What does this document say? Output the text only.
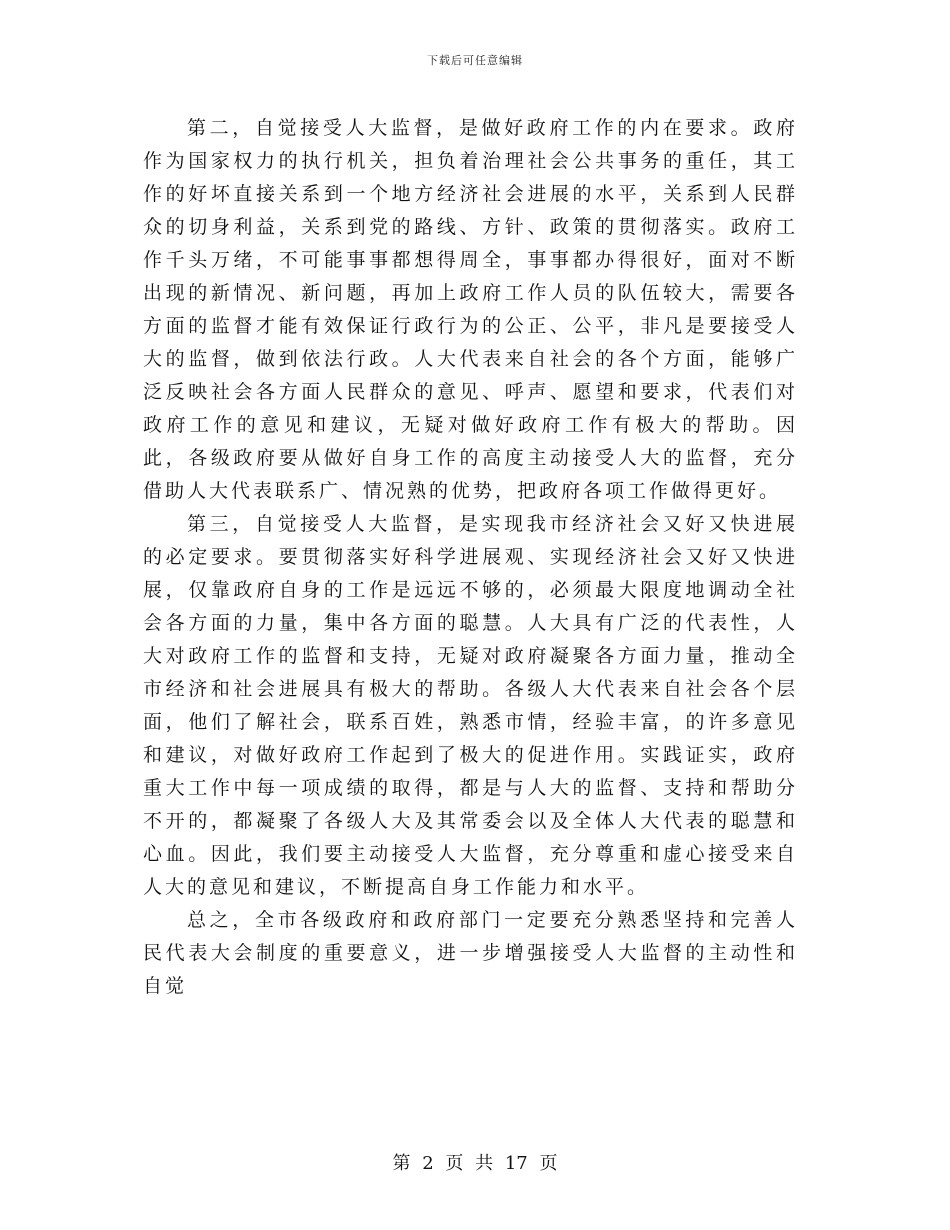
下载后可任意编辑

第二，自觉接受人大监督，是做好政府工作的内在要求。政府作为国家权力的执行机关，担负着治理社会公共事务的重任，其工作的好坏直接关系到一个地方经济社会进展的水平，关系到人民群众的切身利益，关系到党的路线、方针、政策的贯彻落实。政府工作千头万绪，不可能事事都想得周全，事事都办得很好，面对不断出现的新情况、新问题，再加上政府工作人员的队伍较大，需要各方面的监督才能有效保证行政行为的公正、公平，非凡是要接受人大的监督，做到依法行政。人大代表来自社会的各个方面，能够广泛反映社会各方面人民群众的意见、呼声、愿望和要求，代表们对政府工作的意见和建议，无疑对做好政府工作有极大的帮助。因此，各级政府要从做好自身工作的高度主动接受人大的监督，充分借助人大代表联系广、情况熟的优势，把政府各项工作做得更好。

第三，自觉接受人大监督，是实现我市经济社会又好又快进展的必定要求。要贯彻落实好科学进展观、实现经济社会又好又快进展，仅靠政府自身的工作是远远不够的，必须最大限度地调动全社会各方面的力量，集中各方面的聪慧。人大具有广泛的代表性，人大对政府工作的监督和支持，无疑对政府凝聚各方面力量，推动全市经济和社会进展具有极大的帮助。各级人大代表来自社会各个层面，他们了解社会，联系百姓，熟悉市情，经验丰富，的许多意见和建议，对做好政府工作起到了极大的促进作用。实践证实，政府重大工作中每一项成绩的取得，都是与人大的监督、支持和帮助分不开的，都凝聚了各级人大及其常委会以及全体人大代表的聪慧和心血。因此，我们要主动接受人大监督，充分尊重和虚心接受来自人大的意见和建议，不断提高自身工作能力和水平。

总之，全市各级政府和政府部门一定要充分熟悉坚持和完善人民代表大会制度的重要意义，进一步增强接受人大监督的主动性和自觉

第 2 页 共 17 页
